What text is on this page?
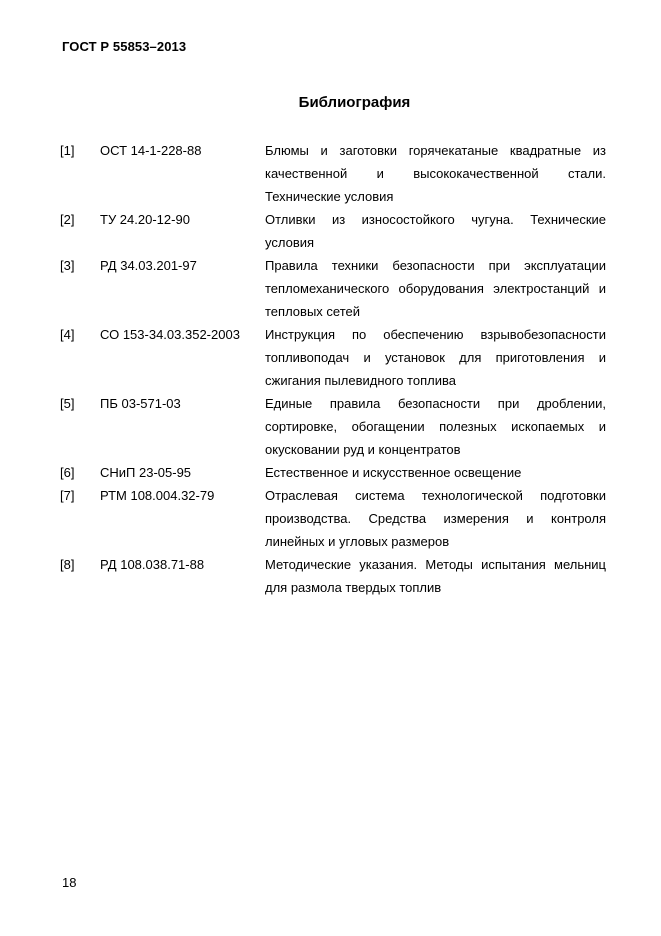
ГОСТ Р 55853–2013
Библиография
[1]	ОСТ 14-1-228-88	Блюмы и заготовки горячекатаные квадратные из качественной и высококачественной стали. Технические условия
[2]	ТУ 24.20-12-90	Отливки из износостойкого чугуна. Технические условия
[3]	РД 34.03.201-97	Правила техники безопасности при эксплуатации тепломеханического оборудования электростанций и тепловых сетей
[4]	СО 153-34.03.352-2003	Инструкция по обеспечению взрывобезопасности топливоподач и установок для приготовления и сжигания пылевидного топлива
[5]	ПБ 03-571-03	Единые правила безопасности при дроблении, сортировке, обогащении полезных ископаемых и окусковании руд и концентратов
[6]	СНиП 23-05-95	Естественное и искусственное освещение
[7]	РТМ 108.004.32-79	Отраслевая система технологической подготовки производства. Средства измерения и контроля линейных и угловых размеров
[8]	РД 108.038.71-88	Методические указания. Методы испытания мельниц для размола твердых топлив
18
